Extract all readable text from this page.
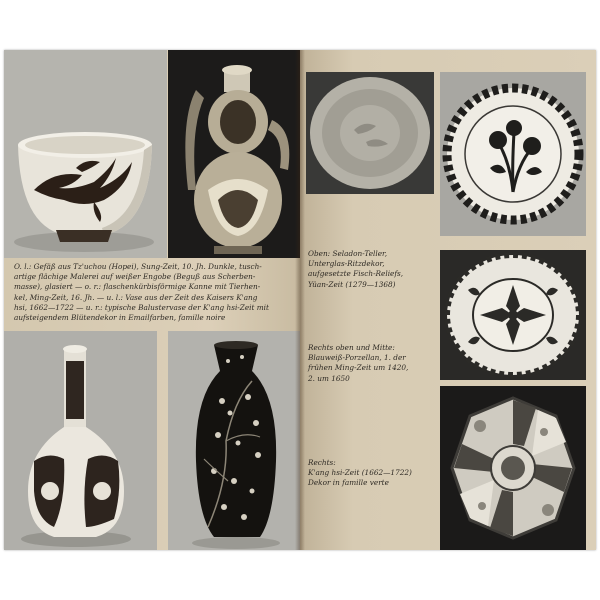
O. l.: Gefäß aus Tz'uchou (Hopei), Sung-Zeit, 10. Jh. Dunkle, tusch-
artige flächige Malerei auf weißer Engobe (Beguß aus Scherben-
masse), glasiert — o. r.: flaschenkürbisförmige Kanne mit Tierhen-
kel, Ming-Zeit, 16. Jh. — u. l.: Vase aus der Zeit des Kaisers K'ang
hsi, 1662—1722 — u. r.: typische Balustervase der K'ang hsi-Zeit mit
aufsteigendem Blütendekor in Emailfarben, famille noire
Oben: Seladon-Teller,
Unterglas-Ritzdekor,
aufgesetzte Fisch-Reliefs,
Yüan-Zeit (1279—1368)
Rechts oben und Mitte:
Blauweiß-Porzellan, 1. der
frühen Ming-Zeit um 1420,
2. um 1650
Rechts:
K'ang hsi-Zeit (1662—1722)
Dekor in famille verte
